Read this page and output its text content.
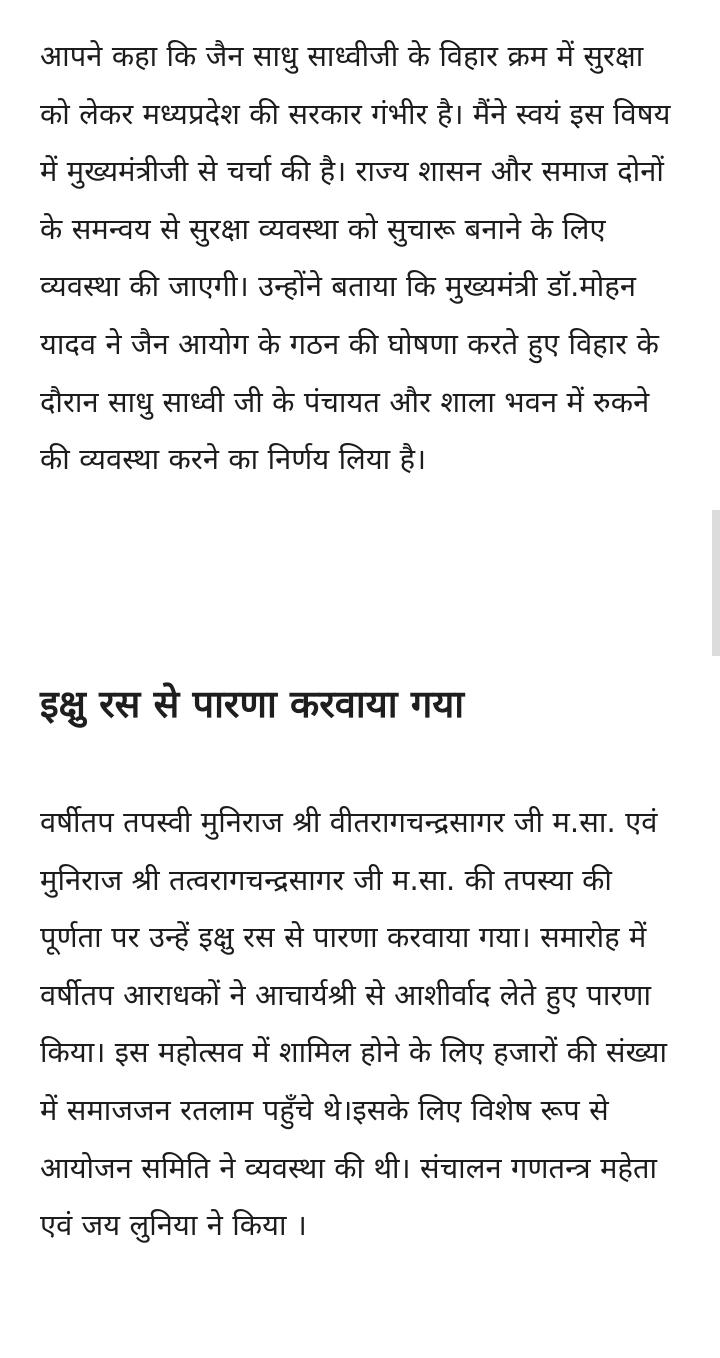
आपने कहा कि जैन साधु साध्वीजी के विहार क्रम में सुरक्षा को लेकर मध्यप्रदेश की सरकार गंभीर है। मैंने स्वयं इस विषय में मुख्यमंत्रीजी से चर्चा की है। राज्य शासन और समाज दोनों के समन्वय से सुरक्षा व्यवस्था को सुचारू बनाने के लिए व्यवस्था की जाएगी। उन्होंने बताया कि मुख्यमंत्री डॉ.मोहन यादव ने जैन आयोग के गठन की घोषणा करते हुए विहार के दौरान साधु साध्वी जी के पंचायत और शाला भवन में रुकने की व्यवस्था करने का निर्णय लिया है।

इक्षु रस से पारणा करवाया गया

वर्षीतप तपस्वी मुनिराज श्री वीतरागचन्द्रसागर जी म.सा. एवं मुनिराज श्री तत्वरागचन्द्रसागर जी म.सा. की तपस्या की पूर्णता पर उन्हें इक्षु रस से पारणा करवाया गया। समारोह में वर्षीतप आराधकों ने आचार्यश्री से आशीर्वाद लेते हुए पारणा किया। इस महोत्सव में शामिल होने के लिए हजारों की संख्या में समाजजन रतलाम पहुँचे थे।इसके लिए विशेष रूप से आयोजन समिति ने व्यवस्था की थी। संचालन गणतन्त्र महेता एवं जय लुनिया ने किया ।
